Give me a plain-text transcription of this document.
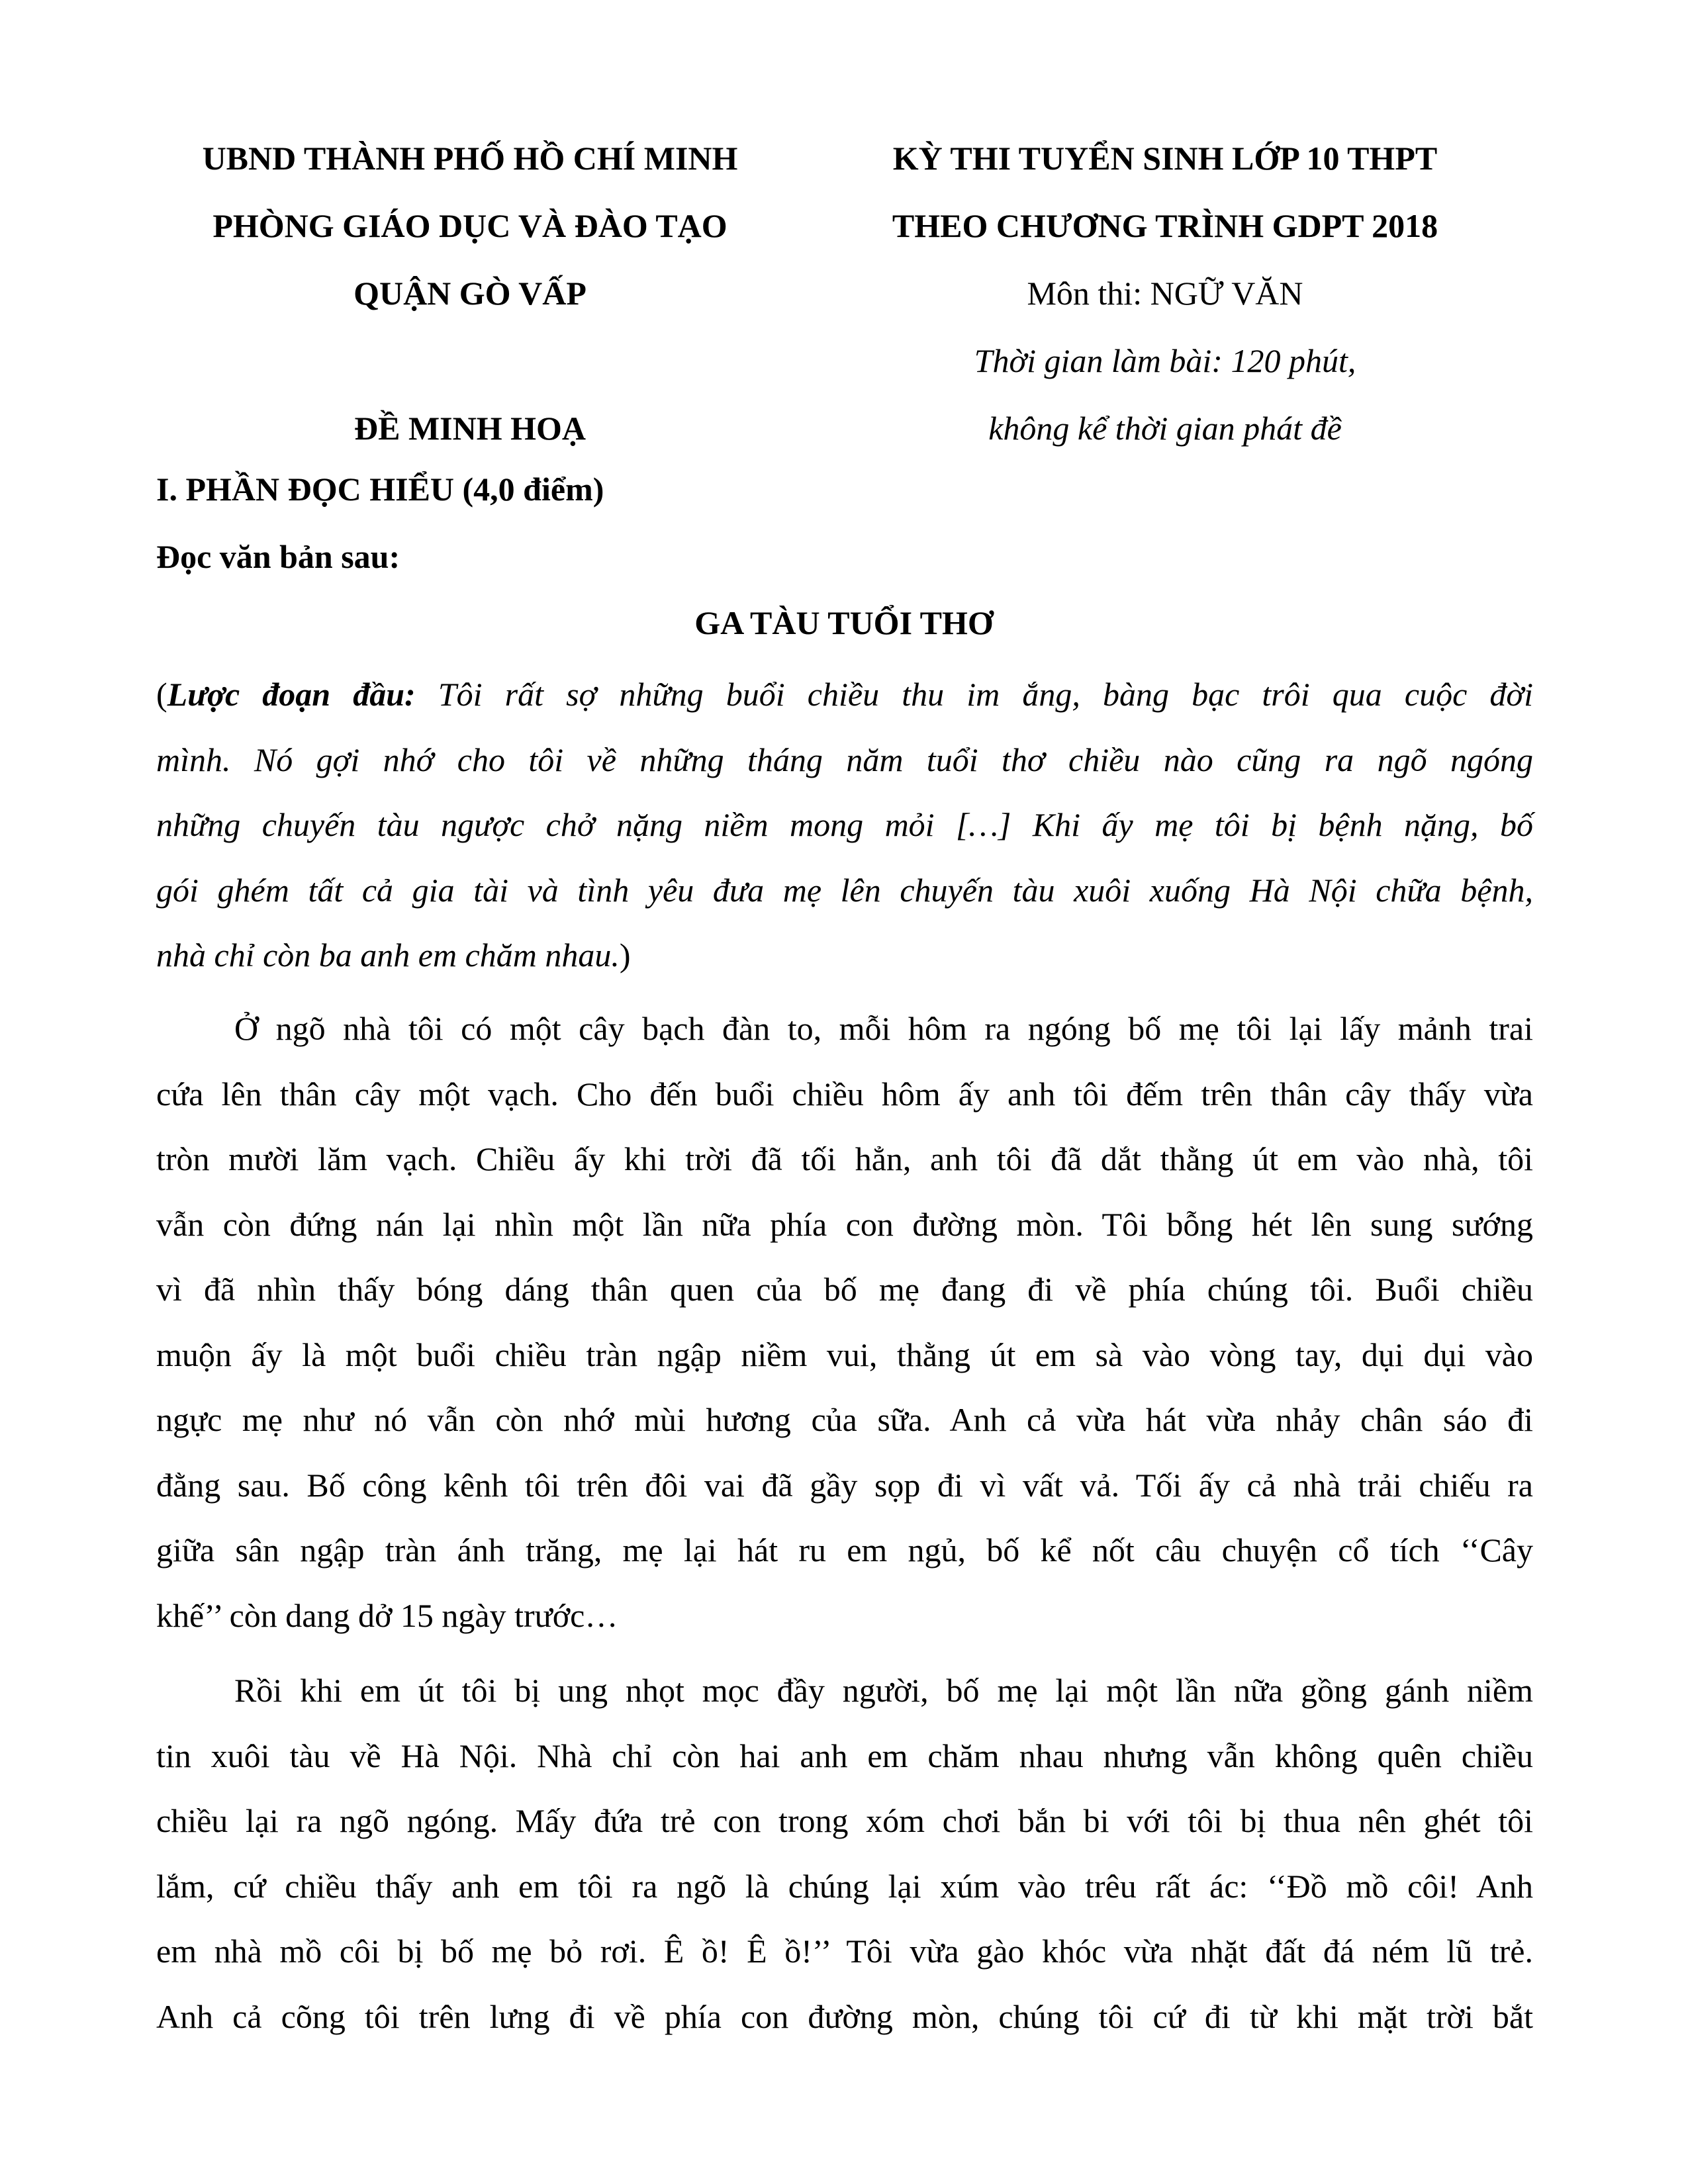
UBND THÀNH PHỐ HỒ CHÍ MINH
PHÒNG GIÁO DỤC VÀ ĐÀO TẠO
QUẬN GÒ VẤP
ĐỀ MINH HOẠ
KỲ THI TUYỂN SINH LỚP 10 THPT
THEO CHƯƠNG TRÌNH GDPT 2018
Môn thi: NGỮ VĂN
Thời gian làm bài: 120 phút,
không kể thời gian phát đề
I. PHẦN ĐỌC HIỂU (4,0 điểm)
Đọc văn bản sau:
GA TÀU TUỔI THƠ
(Lược đoạn đầu: Tôi rất sợ những buổi chiều thu im ắng, bàng bạc trôi qua cuộc đời
mình. Nó gợi nhớ cho tôi về những tháng năm tuổi thơ chiều nào cũng ra ngõ ngóng
những chuyến tàu ngược chở nặng niềm mong mỏi […] Khi ấy mẹ tôi bị bệnh nặng, bố
gói ghém tất cả gia tài và tình yêu đưa mẹ lên chuyến tàu xuôi xuống Hà Nội chữa bệnh,
nhà chỉ còn ba anh em chăm nhau.)
Ở ngõ nhà tôi có một cây bạch đàn to, mỗi hôm ra ngóng bố mẹ tôi lại lấy mảnh trai
cứa lên thân cây một vạch. Cho đến buổi chiều hôm ấy anh tôi đếm trên thân cây thấy vừa
tròn mười lăm vạch. Chiều ấy khi trời đã tối hẳn, anh tôi đã dắt thằng út em vào nhà, tôi
vẫn còn đứng nán lại nhìn một lần nữa phía con đường mòn. Tôi bỗng hét lên sung sướng
vì đã nhìn thấy bóng dáng thân quen của bố mẹ đang đi về phía chúng tôi. Buổi chiều
muộn ấy là một buổi chiều tràn ngập niềm vui, thằng út em sà vào vòng tay, dụi dụi vào
ngực mẹ như nó vẫn còn nhớ mùi hương của sữa. Anh cả vừa hát vừa nhảy chân sáo đi
đằng sau. Bố công kênh tôi trên đôi vai đã gầy sọp đi vì vất vả. Tối ấy cả nhà trải chiếu ra
giữa sân ngập tràn ánh trăng, mẹ lại hát ru em ngủ, bố kể nốt câu chuyện cổ tích ‘‘Cây
khế’’ còn dang dở 15 ngày trước…
Rồi khi em út tôi bị ung nhọt mọc đầy người, bố mẹ lại một lần nữa gồng gánh niềm
tin xuôi tàu về Hà Nội. Nhà chỉ còn hai anh em chăm nhau nhưng vẫn không quên chiều
chiều lại ra ngõ ngóng. Mấy đứa trẻ con trong xóm chơi bắn bi với tôi bị thua nên ghét tôi
lắm, cứ chiều thấy anh em tôi ra ngõ là chúng lại xúm vào trêu rất ác: ‘‘Đồ mồ côi! Anh
em nhà mồ côi bị bố mẹ bỏ rơi. Ê ồ! Ê ồ!’’ Tôi vừa gào khóc vừa nhặt đất đá ném lũ trẻ.
Anh cả cõng tôi trên lưng đi về phía con đường mòn, chúng tôi cứ đi từ khi mặt trời bắt
